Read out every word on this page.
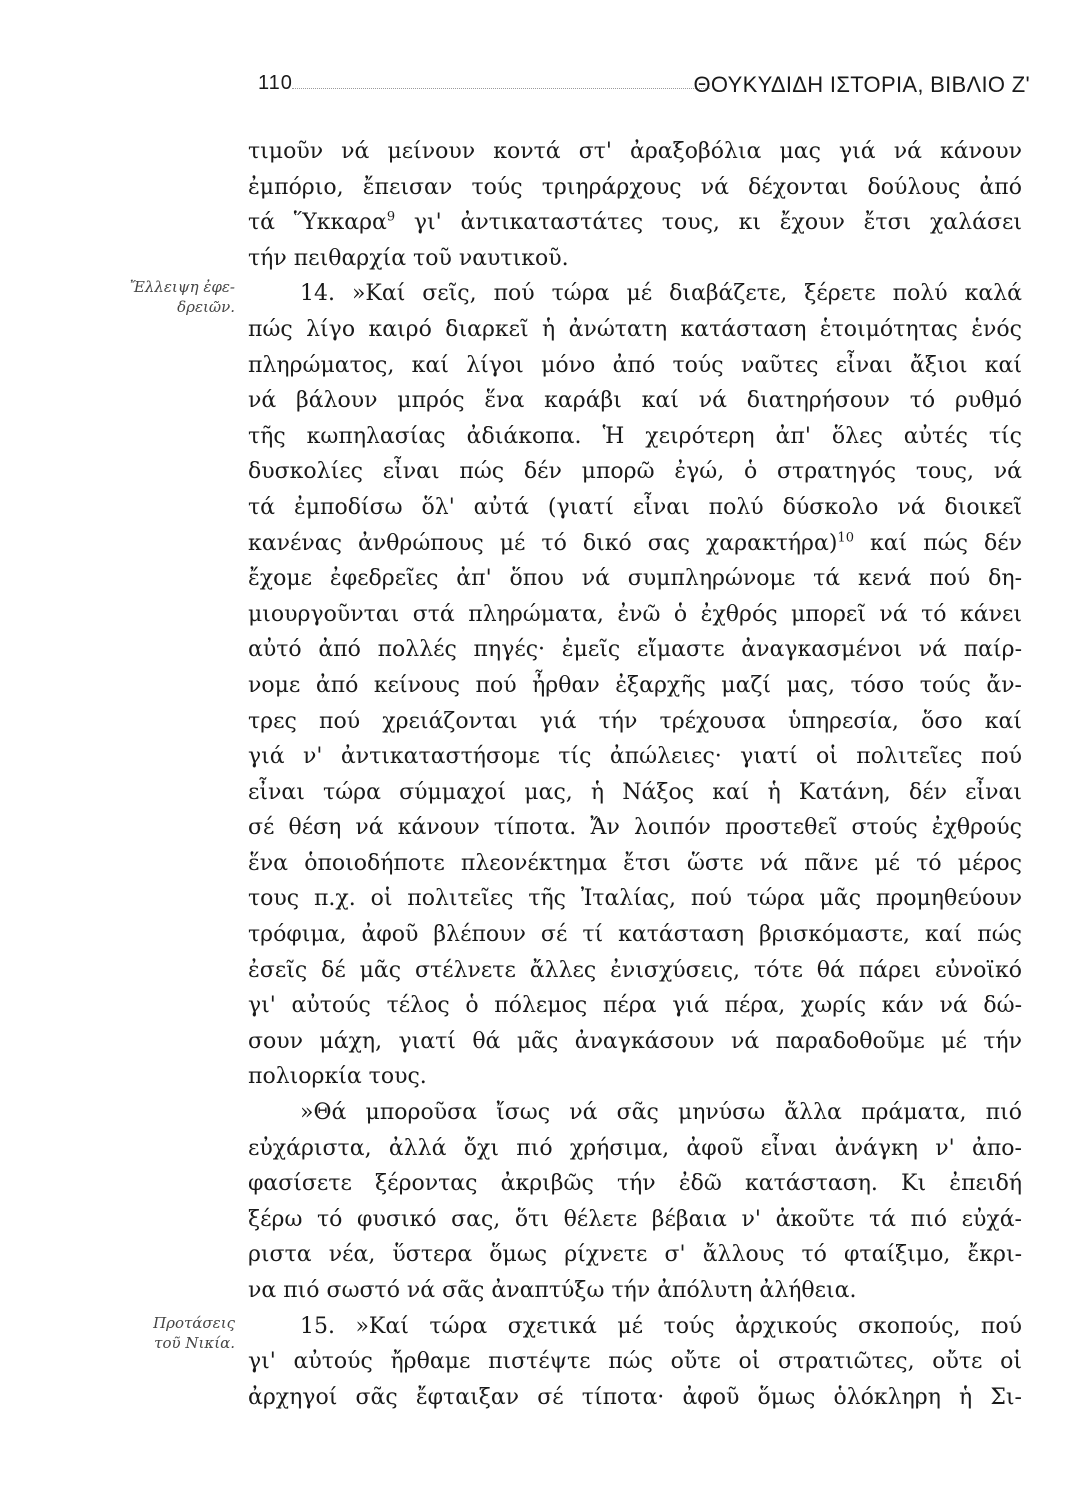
110	ΘΟΥΚΥΔΙΔΗ ΙΣΤΟΡΙΑ, ΒΙΒΛΙΟ Ζ'
Ἔλλειψη ἐφε-
δρειῶν.
Προτάσεις
τοῦ Νικία.
τιμοῦν νά μείνουν κοντά στ' ἀραξοβόλια μας γιά νά κάνουν
ἐμπόριο, ἔπεισαν τούς τριηράρχους νά δέχονται δούλους ἀπό
τά Ὕκκαρα$^9$ γι' ἀντικαταστάτες τους, κι ἔχουν ἔτσι χαλάσει
τήν πειθαρχία τοῦ ναυτικοῦ.
14. »Καί σεῖς, πού τώρα μέ διαβάζετε, ξέρετε πολύ καλά
πώς λίγο καιρό διαρκεῖ ἡ ἀνώτατη κατάσταση ἑτοιμότητας ἑνός
πληρώματος, καί λίγοι μόνο ἀπό τούς ναῦτες εἶναι ἄξιοι καί
νά βάλουν μπρός ἕνα καράβι καί νά διατηρήσουν τό ρυθμό
τῆς κωπηλασίας ἀδιάκοπα. Ἡ χειρότερη ἀπ' ὅλες αὐτές τίς
δυσκολίες εἶναι πώς δέν μπορῶ ἐγώ, ὁ στρατηγός τους, νά
τά ἐμποδίσω ὅλ' αὐτά (γιατί εἶναι πολύ δύσκολο νά διοικεῖ
κανένας ἀνθρώπους μέ τό δικό σας χαρακτήρα)$^{10}$ καί πώς δέν
ἔχομε ἐφεδρεῖες ἀπ' ὅπου νά συμπληρώνομε τά κενά πού δη-
μιουργοῦνται στά πληρώματα, ἐνῶ ὁ ἐχθρός μπορεῖ νά τό κάνει
αὐτό ἀπό πολλές πηγές· ἐμεῖς εἴμαστε ἀναγκασμένοι νά παίρ-
νομε ἀπό κείνους πού ἦρθαν ἐξαρχῆς μαζί μας, τόσο τούς ἄν-
τρες πού χρειάζονται γιά τήν τρέχουσα ὑπηρεσία, ὅσο καί
γιά ν' ἀντικαταστήσομε τίς ἀπώλειες· γιατί οἱ πολιτεῖες πού
εἶναι τώρα σύμμαχοί μας, ἡ Νάξος καί ἡ Κατάνη, δέν εἶναι
σέ θέση νά κάνουν τίποτα. Ἄν λοιπόν προστεθεῖ στούς ἐχθρούς
ἕνα ὁποιοδήποτε πλεονέκτημα ἔτσι ὥστε νά πᾶνε μέ τό μέρος
τους π.χ. οἱ πολιτεῖες τῆς Ἰταλίας, πού τώρα μᾶς προμηθεύουν
τρόφιμα, ἀφοῦ βλέπουν σέ τί κατάσταση βρισκόμαστε, καί πώς
ἐσεῖς δέ μᾶς στέλνετε ἄλλες ἐνισχύσεις, τότε θά πάρει εὐνοϊκό
γι' αὐτούς τέλος ὁ πόλεμος πέρα γιά πέρα, χωρίς κάν νά δώ-
σουν μάχη, γιατί θά μᾶς ἀναγκάσουν νά παραδοθοῦμε μέ τήν
πολιορκία τους.
»Θά μποροῦσα ἴσως νά σᾶς μηνύσω ἄλλα πράματα, πιό
εὐχάριστα, ἀλλά ὄχι πιό χρήσιμα, ἀφοῦ εἶναι ἀνάγκη ν' ἀπο-
φασίσετε ξέροντας ἀκριβῶς τήν ἐδῶ κατάσταση. Κι ἐπειδή
ξέρω τό φυσικό σας, ὅτι θέλετε βέβαια ν' ἀκοῦτε τά πιό εὐχά-
ριστα νέα, ὕστερα ὅμως ρίχνετε σ' ἄλλους τό φταίξιμο, ἔκρι-
να πιό σωστό νά σᾶς ἀναπτύξω τήν ἀπόλυτη ἀλήθεια.
15. »Καί τώρα σχετικά μέ τούς ἀρχικούς σκοπούς, πού
γι' αὐτούς ἤρθαμε πιστέψτε πώς οὔτε οἱ στρατιῶτες, οὔτε οἱ
ἀρχηγοί σᾶς ἔφταιξαν σέ τίποτα· ἀφοῦ ὅμως ὁλόκληρη ἡ Σι-
